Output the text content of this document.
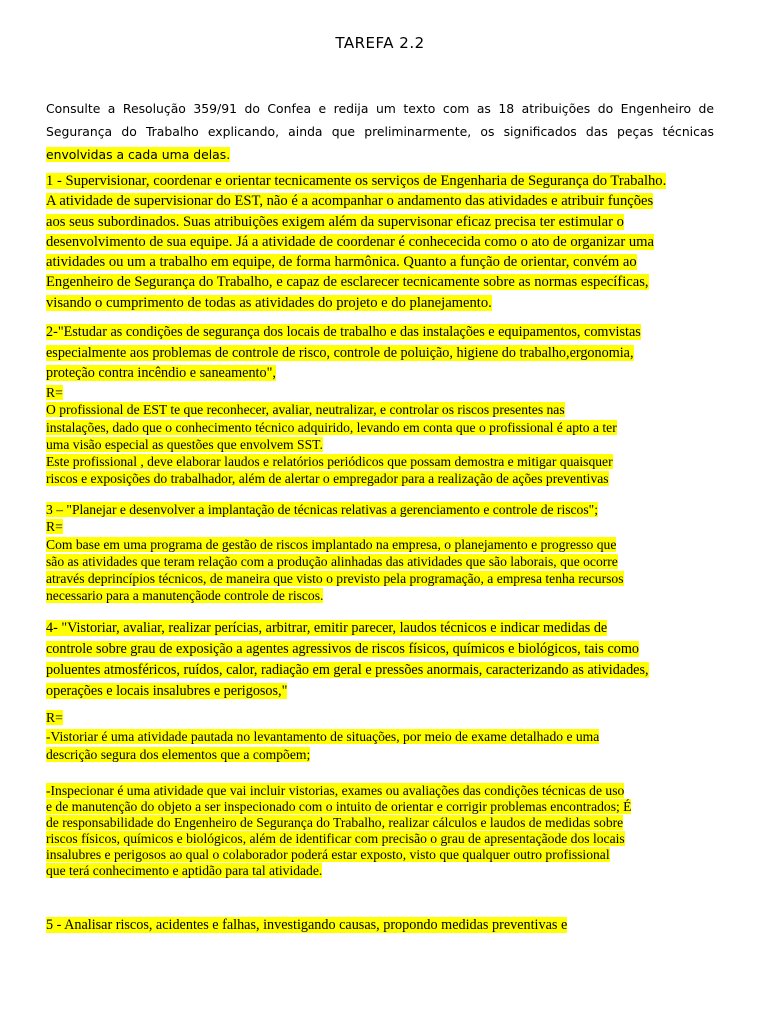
TAREFA 2.2
Consulte a Resolução 359/91 do Confea e redija um texto com as 18 atribuições do Engenheiro de Segurança do Trabalho explicando, ainda que preliminarmente, os significados das peças técnicas envolvidas a cada uma delas.
1 - Supervisionar, coordenar e orientar tecnicamente os serviços de Engenharia de Segurança do Trabalho.
A atividade de supervisionar do EST, não é a acompanhar o andamento das atividades e atribuir funções
aos seus subordinados. Suas atribuições exigem além da supervisonar eficaz precisa ter estimular o
desenvolvimento de sua equipe. Já a atividade de coordenar é conhececida como o ato de organizar uma
atividades ou um a trabalho em equipe, de forma harmônica. Quanto a função de orientar, convém ao
Engenheiro de Segurança do Trabalho, e capaz de esclarecer tecnicamente sobre as normas específicas,
visando o cumprimento de todas as atividades do projeto e do planejamento.
2-"Estudar as condições de segurança dos locais de trabalho e das instalações e equipamentos, comvistas
especialmente aos problemas de controle de risco, controle de poluição, higiene do trabalho,ergonomia,
proteção contra incêndio e saneamento",
R=
O profissional de EST te que reconhecer, avaliar, neutralizar, e controlar os riscos presentes nas
instalações, dado que o conhecimento técnico adquirido, levando em conta que o profissional é apto a ter
uma visão especial as questões que envolvem SST.
Este profissional , deve elaborar laudos e relatórios periódicos que possam demostra e mitigar quaisquer
riscos e exposições do trabalhador, além de alertar o empregador para a realização de ações preventivas
3 – "Planejar e desenvolver a implantação de técnicas relativas a gerenciamento e controle de riscos";
R=
Com base em uma programa de gestão de riscos implantado na empresa, o planejamento e progresso que
são as atividades que teram relação com a produção alinhadas das atividades que são laborais, que ocorre
através deprincípios técnicos, de maneira que visto o previsto pela programação, a empresa tenha recursos
necessario para a manutençãode controle de riscos.
4- "Vistoriar, avaliar, realizar perícias, arbitrar, emitir parecer, laudos técnicos e indicar medidas de
controle sobre grau de exposição a agentes agressivos de riscos físicos, químicos e biológicos, tais como
poluentes atmosféricos, ruídos, calor, radiação em geral e pressões anormais, caracterizando as atividades,
operações e locais insalubres e perigosos,"
R=
-Vistoriar é uma atividade pautada no levantamento de situações, por meio de exame detalhado e uma
descrição segura dos elementos que a compõem;
-Inspecionar é uma atividade que vai incluir vistorias, exames ou avaliações das condições técnicas de uso
e de manutenção do objeto a ser inspecionado com o intuito de orientar e corrigir problemas encontrados; É
de responsabilidade do Engenheiro de Segurança do Trabalho, realizar cálculos e laudos de medidas sobre
riscos físicos, químicos e biológicos, além de identificar com precisão o grau de apresentaçãode dos locais
insalubres e perigosos ao qual o colaborador poderá estar exposto, visto que qualquer outro profissional
que terá conhecimento e aptidão para tal atividade.
5 - Analisar riscos, acidentes e falhas, investigando causas, propondo medidas preventivas e
